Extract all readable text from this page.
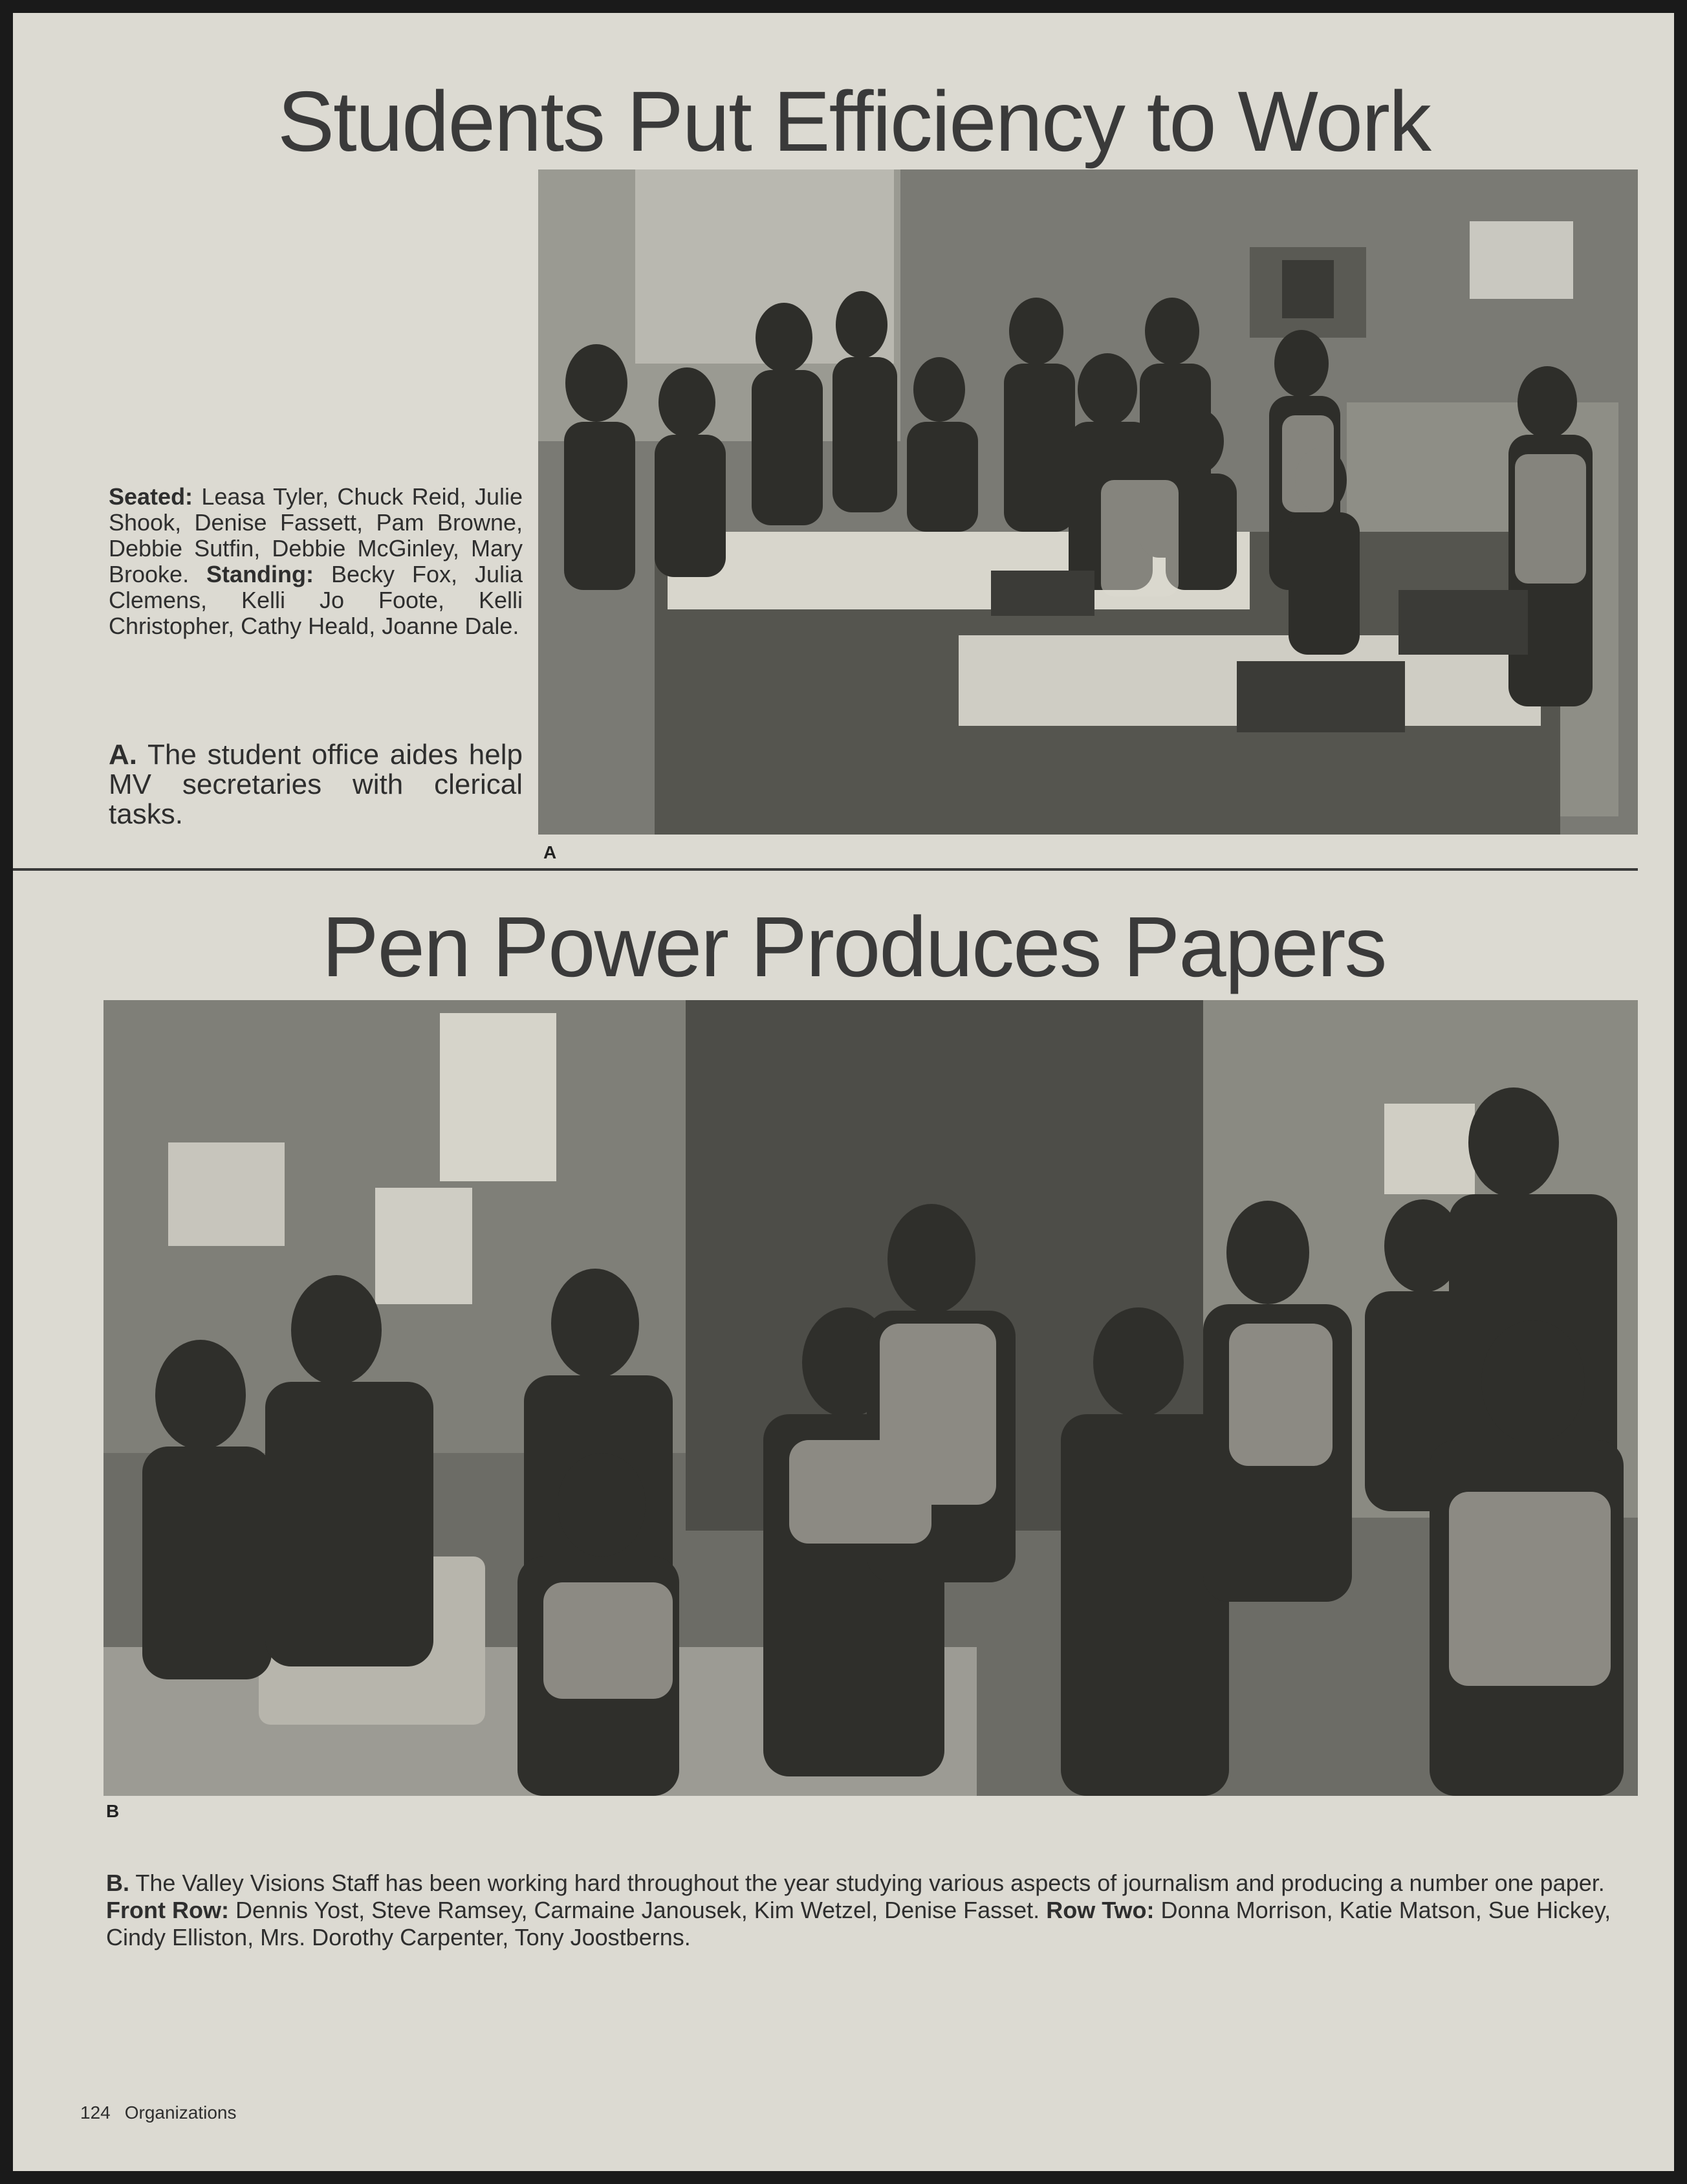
Students Put Efficiency to Work
A
Seated: Leasa Tyler, Chuck Reid, Julie Shook, Denise Fassett, Pam Browne, Debbie Sutfin, Debbie McGinley, Mary Brooke. Standing: Becky Fox, Julia Clemens, Kelli Jo Foote, Kelli Christopher, Cathy Heald, Joanne Dale.
A. The student office aides help MV secretaries with clerical tasks.
Pen Power Produces Papers
B
B. The Valley Visions Staff has been working hard throughout the year studying various aspects of journalism and producing a number one paper. Front Row: Dennis Yost, Steve Ramsey, Carmaine Janousek, Kim Wetzel, Denise Fasset. Row Two: Donna Morrison, Katie Matson, Sue Hickey, Cindy Elliston, Mrs. Dorothy Carpenter, Tony Joostberns.
124 Organizations
